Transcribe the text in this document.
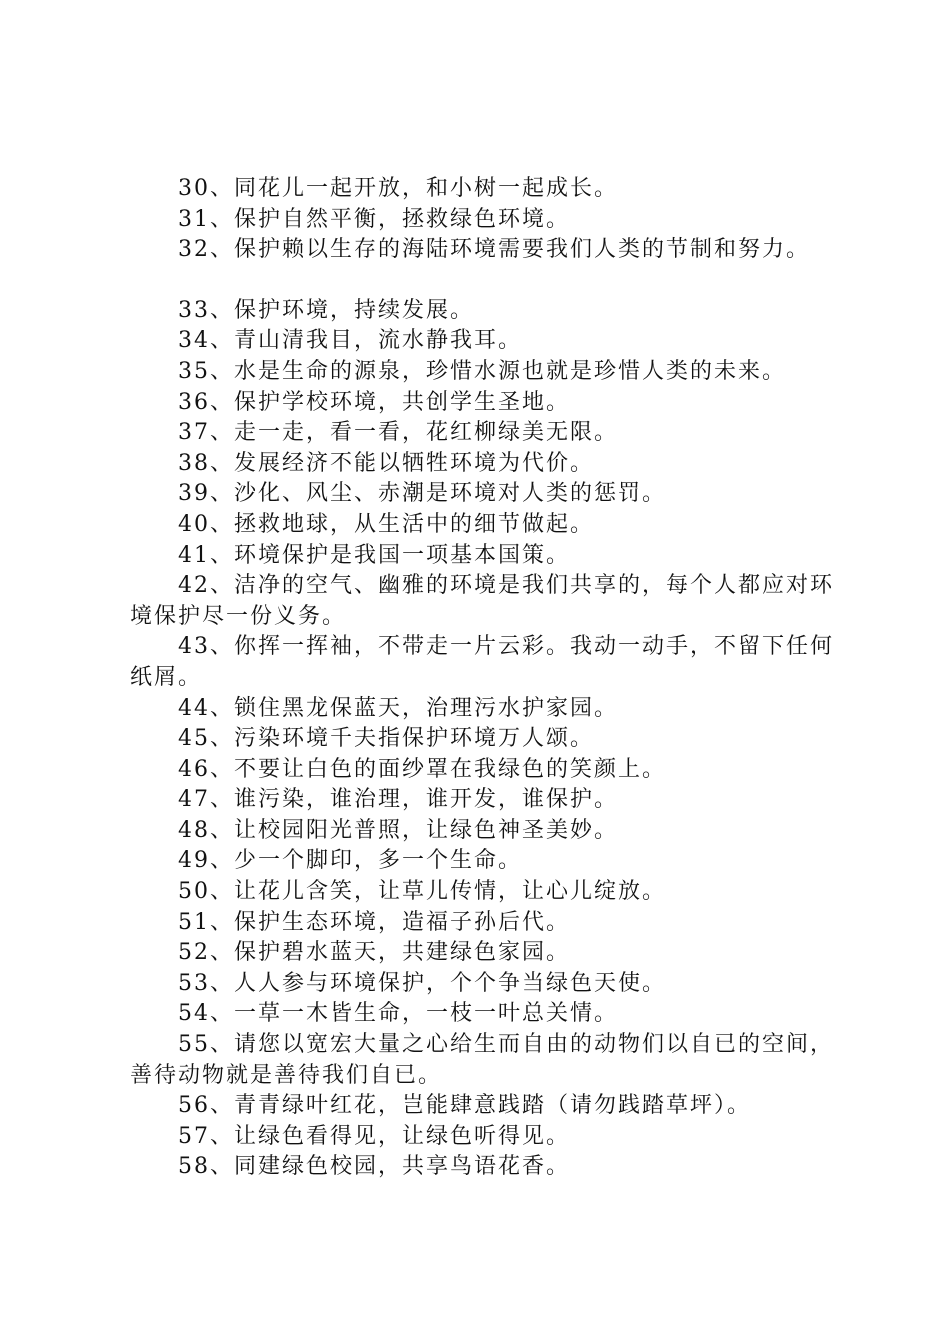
30、同花儿一起开放，和小树一起成长。
31、保护自然平衡，拯救绿色环境。
32、保护赖以生存的海陆环境需要我们人类的节制和努力。
33、保护环境，持续发展。
34、青山清我目，流水静我耳。
35、水是生命的源泉，珍惜水源也就是珍惜人类的未来。
36、保护学校环境，共创学生圣地。
37、走一走，看一看，花红柳绿美无限。
38、发展经济不能以牺牲环境为代价。
39、沙化、风尘、赤潮是环境对人类的惩罚。
40、拯救地球，从生活中的细节做起。
41、环境保护是我国一项基本国策。
42、洁净的空气、幽雅的环境是我们共享的，每个人都应对环境保护尽一份义务。
43、你挥一挥袖，不带走一片云彩。我动一动手，不留下任何纸屑。
44、锁住黑龙保蓝天，治理污水护家园。
45、污染环境千夫指保护环境万人颂。
46、不要让白色的面纱罩在我绿色的笑颜上。
47、谁污染，谁治理，谁开发，谁保护。
48、让校园阳光普照，让绿色神圣美妙。
49、少一个脚印，多一个生命。
50、让花儿含笑，让草儿传情，让心儿绽放。
51、保护生态环境，造福子孙后代。
52、保护碧水蓝天，共建绿色家园。
53、人人参与环境保护，个个争当绿色天使。
54、一草一木皆生命，一枝一叶总关情。
55、请您以宽宏大量之心给生而自由的动物们以自已的空间，善待动物就是善待我们自已。
56、青青绿叶红花，岂能肆意践踏（请勿践踏草坪）。
57、让绿色看得见，让绿色听得见。
58、同建绿色校园，共享鸟语花香。
